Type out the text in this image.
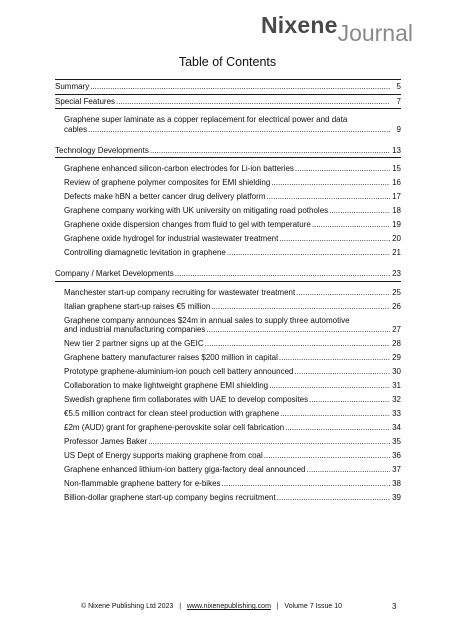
NixeneJournal
Table of Contents
Summary .....	5
Special Features .....	7
Graphene super laminate as a copper replacement for electrical power and data
cables .....	9
Technology Developments .....	13
Graphene enhanced silicon-carbon electrodes for Li-ion batteries .....	15
Review of graphene polymer composites for EMI shielding .....	16
Defects make hBN a better cancer drug delivery platform .....	17
Graphene company working with UK university on mitigating road potholes .....	18
Graphene oxide dispersion changes from fluid to gel with temperature .....	19
Graphene oxide hydrogel for industrial wastewater treatment .....	20
Controlling diamagnetic levitation in graphene .....	21
Company / Market Developments .....	23
Manchester start-up company recruiting for wastewater treatment .....	25
Italian graphene start-up raises €5 million .....	26
Graphene company announces $24m in annual sales to supply three automotive
and industrial manufacturing companies .....	27
New tier 2 partner signs up at the GEIC .....	28
Graphene battery manufacturer raises $200 million in capital .....	29
Prototype graphene-aluminium-ion pouch cell battery announced .....	30
Collaboration to make lightweight graphene EMI shielding .....	31
Swedish graphene firm collaborates with UAE to develop composites .....	32
€5.5 million contract for clean steel production with graphene .....	33
£2m (AUD) grant for graphene-perovskite solar cell fabrication .....	34
Professor James Baker .....	35
US Dept of Energy supports making graphene from coal .....	36
Graphene enhanced lithium-ion battery giga-factory deal announced .....	37
Non-flammable graphene battery for e-bikes .....	38
Billion-dollar graphene start-up company begins recruitment .....	39
© Nixene Publishing Ltd 2023 | www.nixenepublishing.com | Volume 7 Issue 10	3
